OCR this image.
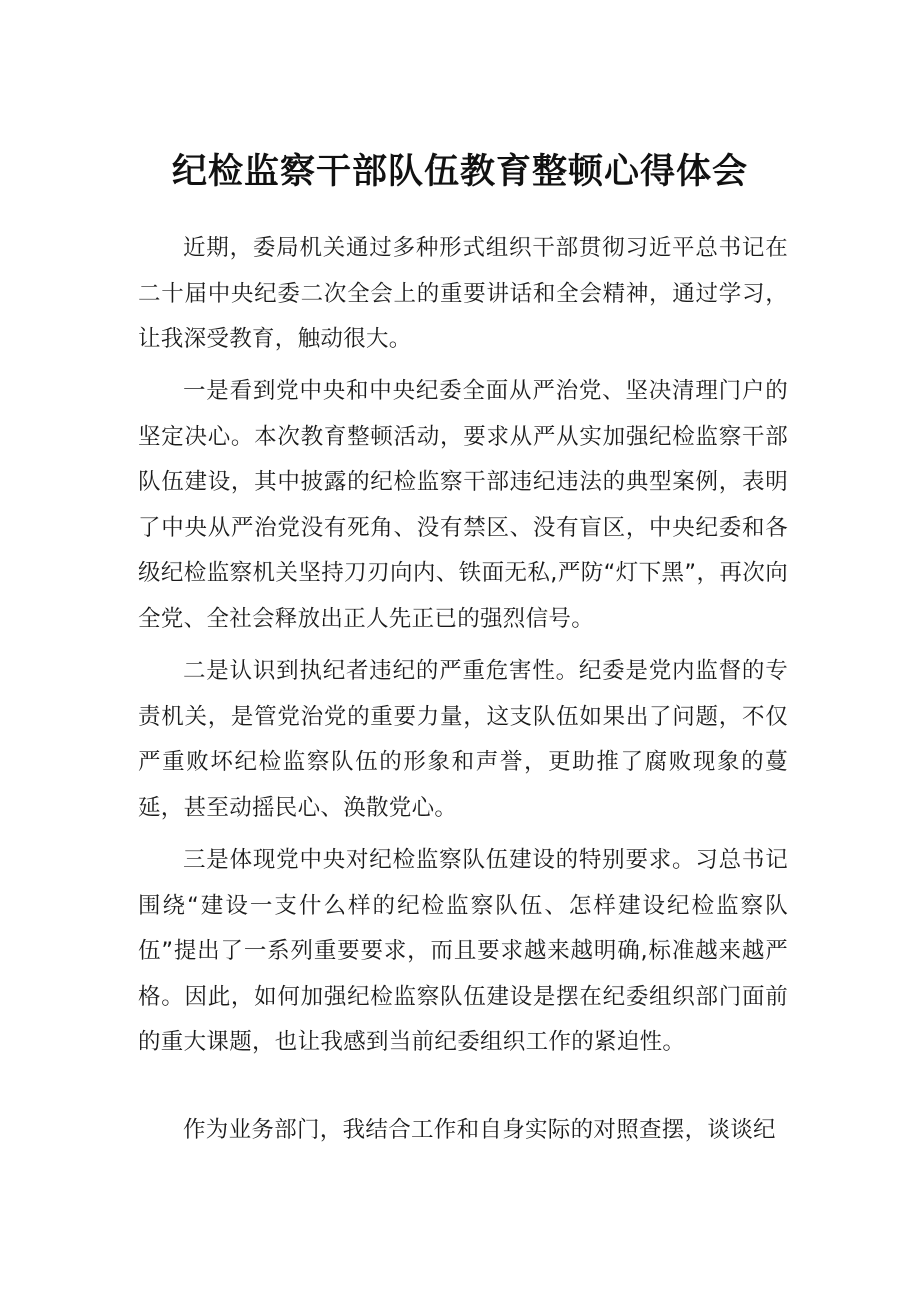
纪检监察干部队伍教育整顿心得体会

近期，委局机关通过多种形式组织干部贯彻习近平总书记在二十届中央纪委二次全会上的重要讲话和全会精神，通过学习，让我深受教育，触动很大。

一是看到党中央和中央纪委全面从严治党、坚决清理门户的坚定决心。本次教育整顿活动，要求从严从实加强纪检监察干部队伍建设，其中披露的纪检监察干部违纪违法的典型案例，表明了中央从严治党没有死角、没有禁区、没有盲区，中央纪委和各级纪检监察机关坚持刀刃向内、铁面无私,严防“灯下黑”，再次向全党、全社会释放出正人先正已的强烈信号。

二是认识到执纪者违纪的严重危害性。纪委是党内监督的专责机关，是管党治党的重要力量，这支队伍如果出了问题，不仅严重败坏纪检监察队伍的形象和声誉，更助推了腐败现象的蔓延，甚至动摇民心、涣散党心。

三是体现党中央对纪检监察队伍建设的特别要求。习总书记围绕“建设一支什么样的纪检监察队伍、怎样建设纪检监察队伍”提出了一系列重要要求，而且要求越来越明确,标准越来越严格。因此，如何加强纪检监察队伍建设是摆在纪委组织部门面前的重大课题，也让我感到当前纪委组织工作的紧迫性。

作为业务部门，我结合工作和自身实际的对照查摆，谈谈纪
